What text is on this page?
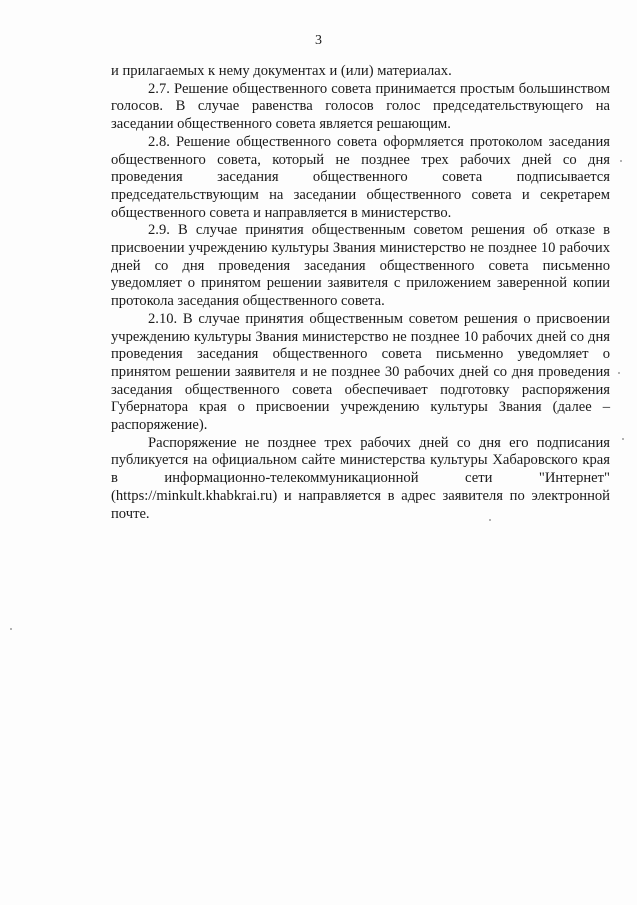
3

и прилагаемых к нему документах и (или) материалах.

2.7. Решение общественного совета принимается простым большинством голосов. В случае равенства голосов голос председательствующего на заседании общественного совета является решающим.

2.8. Решение общественного совета оформляется протоколом заседания общественного совета, который не позднее трех рабочих дней со дня проведения заседания общественного совета подписывается председательствующим на заседании общественного совета и секретарем общественного совета и направляется в министерство.

2.9. В случае принятия общественным советом решения об отказе в присвоении учреждению культуры Звания министерство не позднее 10 рабочих дней со дня проведения заседания общественного совета письменно уведомляет о принятом решении заявителя с приложением заверенной копии протокола заседания общественного совета.

2.10. В случае принятия общественным советом решения о присвоении учреждению культуры Звания министерство не позднее 10 рабочих дней со дня проведения заседания общественного совета письменно уведомляет о принятом решении заявителя и не позднее 30 рабочих дней со дня проведения заседания общественного совета обеспечивает подготовку распоряжения Губернатора края о присвоении учреждению культуры Звания (далее – распоряжение).

Распоряжение не позднее трех рабочих дней со дня его подписания публикуется на официальном сайте министерства культуры Хабаровского края в информационно-телекоммуникационной сети "Интернет" (https://minkult.khabkrai.ru) и направляется в адрес заявителя по электронной почте.
